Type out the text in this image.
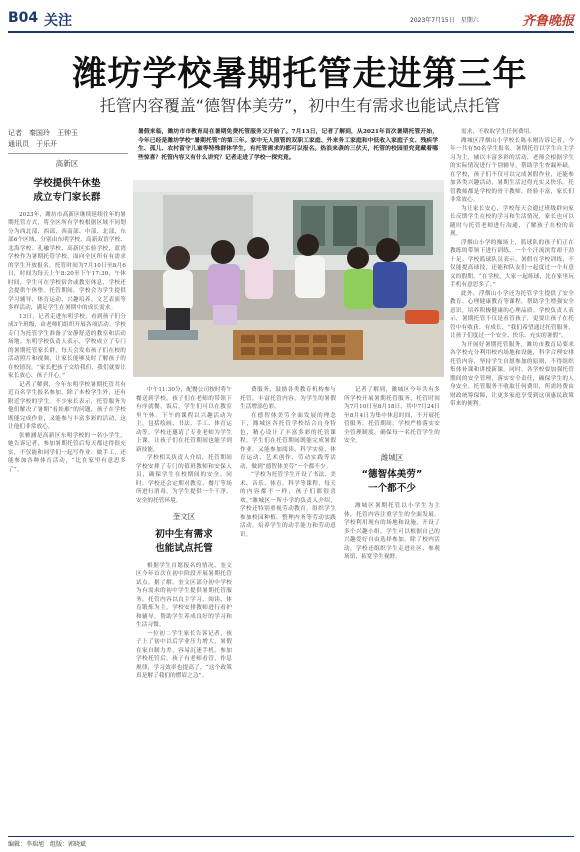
B04 关注	2023年7月15日　星期六	齐鲁晚报
潍坊学校暑期托管走进第三年
托管内容覆盖“德智体美劳”，初中生有需求也能试点托管
记者　秦国玲　王钟玉
通讯员　于乐开
暑假来临，潍坊市市教育局在暑期免费托管服务又开始了。7月13日，记者了解到，从2021年首次暑期托管开始，今年已经是潍坊学校“暑期托管”的第三年。家中无人照管的双职工家庭、外来务工家庭和中低收入家庭子女、残疾学生、孤儿、农村留守儿童等特殊群体学生，有托管需求的都可以报名。热浪来袭的三伏天，托管的校园里究竟藏着哪些惊喜？托管内容又有什么讲究？记者走进了学校一探究竟。
高新区
学校提供午休垫
成立专门家长群

2023年，潍坊市高新区继续延续往年的暑期托管方式，将全区所有学校根据区域不同划分为西北部、西部、西南部、中部、北部、东部6个区域，分别由东明学校、高新双语学校、北海学校、孔融学校、高新区实验学校、蓝湾学校作为暑期托管学校，面向全区所有有需求的学生开放报名。托管时间为7月10日至8月6日，时间为每天上午8:20至下午17:30，午休时间，学生可在学校宿舍或教室休息，学校还会提供午休垫。托管期间，学校会为学生提供学习辅导、体育运动、兴趣培养、文艺表演等多样活动，满足学生在暑期中的成长需求。

13日，记者走进东明学校，看到孩子们分成3个班级，由老师们组织开展各项活动。学校专门为托管学生准备了安静舒适的教室和活动场地。东明学校负责人表示，学校成立了专门的暑期托管家长群，每天会发布孩子们在校的活动照片和视频，让家长能够及时了解孩子的在校情况。“家长把孩子交给我们，我们就要让家长放心、孩子开心。”

记者了解到，今年东明学校暑期托管共有近百名学生报名参加，除了本校学生外，还有附近学校的学生。不少家长表示，托管服务为他们解决了暑期“看娃难”的问题，孩子在学校既能完成作业，又能参与丰富多彩的活动，这让他们非常放心。

张雅涵是高新区东明学校的一名小学生，她告诉记者，参加暑期托管后每天都过得很充实，不仅能和同学们一起写作业、做手工，还能参加各种体育活动，“比在家里有意思多了”。

中午11:30分，配餐公司按时将午餐送到学校，孩子们在老师的带领下有序就餐。饭后，学生们可以在教室里午休。下午的课程以兴趣活动为主，包括绘画、书法、手工、体育运动等，学校还邀请了专业老师为学生上课，让孩子们在托管期间也能学到新技能。

学校相关负责人介绍，托管期间学校安排了专门的值班教师和安保人员，确保学生在校期间的安全。同时，学校还会定期对教室、餐厅等场所进行消毒，为学生提供一个干净、安全的托管环境。

奎文区
初中生有需求
也能试点托管

根据学生自愿报名的情况，奎文区今年首次在初中阶段开展暑期托管试点。据了解，奎文区部分初中学校为有需求的初中学生提供暑期托管服务，托管内容以自主学习、阅读、体育锻炼为主，学校安排教师进行看护和辅导，帮助学生养成良好的学习和生活习惯。

一位初二学生家长告诉记者，孩子上了初中以后学业压力增大，暑假在家自制力差，容易沉迷手机。参加学校托管后，孩子有老师看管，作息规律，学习效率也提高了，“这个政策真是解了我们的燃眉之急”。

费服务，鼓励各类教育机构参与托管，丰富托管内容，为学生的暑假生活增添色彩。

在德智体美劳全面发展的理念下，潍城区各托管学校结合自身特色，精心设计了丰富多彩的托管课程。学生们在托管期间既能完成暑假作业，又能参加阅读、科学实验、体育运动、艺术创作、劳动实践等活动，做到“德智体美劳”一个都不少。

“学校为托管学生开设了书法、美术、音乐、体育、科学等课程，每天的内容都不一样，孩子们都很喜欢。”潍城区一所小学的负责人介绍，学校还特别重视劳动教育，组织学生参加校园种植、整理内务等劳动实践活动，培养学生的动手能力和劳动意识。

记者了解到，潍城区今年共有多所学校开展暑期托管服务，托管时间为7月10日至8月18日，其中7月24日至8月4日为集中休息时间，不开展托管服务。托管期间，学校严格落实安全管理制度，确保每一名托管学生的安全。

潍城区
“德智体美劳”
一个都不少

潍城区暑期托管以小学生为主体，托管内容注重学生的全面发展。学校利用现有的场地和设施，开设了多个兴趣小组，学生可以根据自己的兴趣爱好自由选择参加。除了校内活动，学校还组织学生走进社区、参观场馆，拓宽学生视野。

需求，不收取学生任何费用。

潍城区浮烟山小学校长陈永刚告诉记者，今年一共有50名学生报名，暑期托管以学生自主学习为主，辅以丰富多彩的活动，老师会根据学生的实际情况进行个别辅导，帮助学生查漏补缺。在学校，孩子们不仅可以完成暑假作业，还能参加各类兴趣活动，暑期生活过得充实又快乐。托管教师都是学校的骨干教师，经验丰富，家长们非常放心。

为让家长安心，学校每天会通过班级群向家长反馈学生在校的学习和生活情况，家长也可以随时与托管老师进行沟通，了解孩子在校的表现。

浮烟山小学的操场上，篮球队的孩子们正在教练的带领下进行训练，一个个汗流浃背却干劲十足。学校篮球队员表示，暑假在学校训练，不仅能提高球技，还能和队友们一起度过一个有意义的假期。“在学校，大家一起练球，比在家里玩手机有意思多了。”

此外，浮烟山小学还为托管学生提供了安全教育、心理健康教育等课程，帮助学生增强安全意识，培养积极健康的心理品质。学校负责人表示，暑期托管不仅是看管孩子，更要让孩子在托管中有收获、有成长，“我们希望通过托管服务，让孩子们度过一个安全、快乐、充实的暑假”。

为开展好暑期托管服务，潍坊市教育局要求各学校充分利用校内场地和设施，科学合理安排托管内容，坚持学生自愿参加的原则，不得组织集体补课和讲授新课。同时，各学校要加强托管期间的安全管理，落实安全责任，确保学生的人身安全。托管服务不收取任何费用，所需经费由财政统筹保障，让更多家庭享受到这项惠民政策带来的便利。

编辑：李瑞旭　组版：郭晓斌
